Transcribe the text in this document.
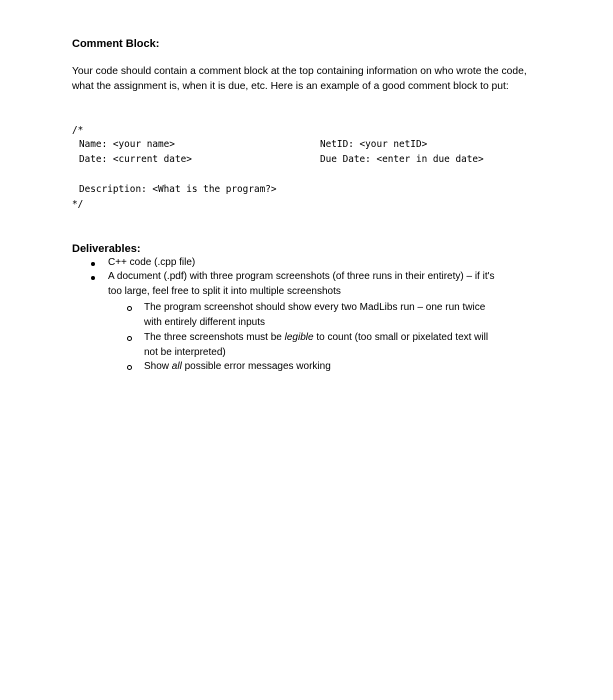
Comment Block:
Your code should contain a comment block at the top containing information on who wrote the code, what the assignment is, when it is due, etc. Here is an example of a good comment block to put:
/*
Name: <your name>
Date: <current date>
NetID: <your netID>
Due Date: <enter in due date>
Description: <What is the program?>
*/
Deliverables:
C++ code (.cpp file)
A document (.pdf) with three program screenshots (of three runs in their entirety) – if it's
too large, feel free to split it into multiple screenshots
The program screenshot should show every two MadLibs run – one run twice
with entirely different inputs
The three screenshots must be legible to count (too small or pixelated text will
not be interpreted)
Show all possible error messages working
